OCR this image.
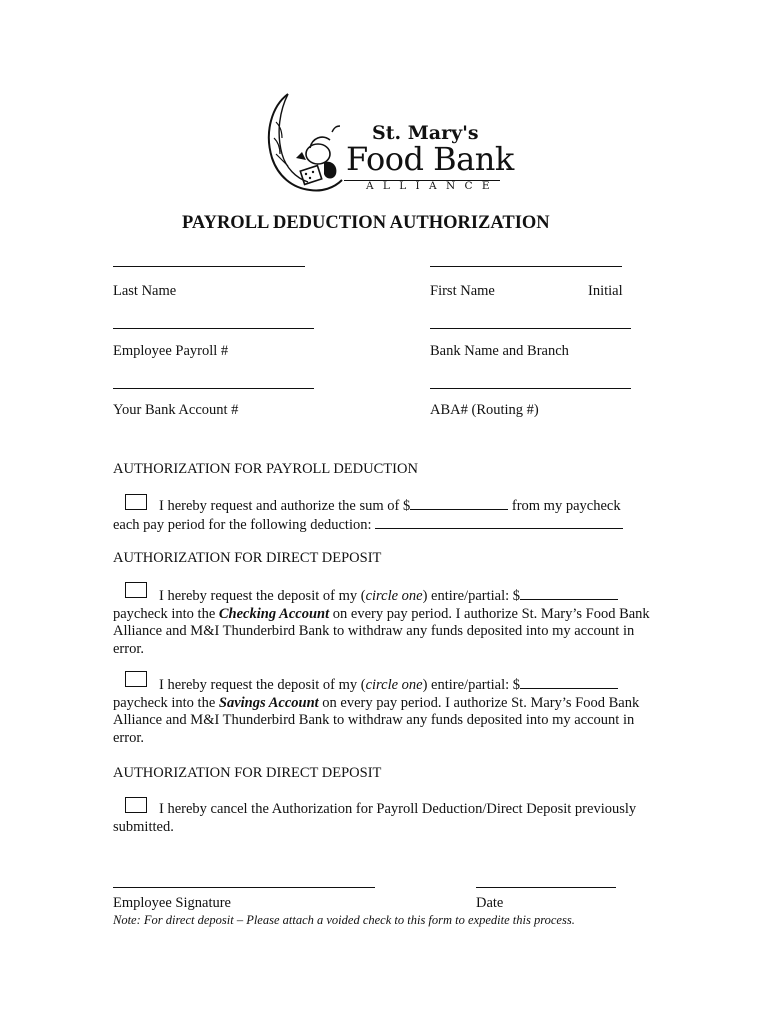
St. Mary's
Food Bank
A L L I A N C E
PAYROLL DEDUCTION AUTHORIZATION
Last Name	First Name	Initial
Employee Payroll #	Bank Name and Branch
Your Bank Account #	ABA# (Routing #)
AUTHORIZATION FOR PAYROLL DEDUCTION
I hereby request and authorize the sum of $	from my paycheck
each pay period for the following deduction:
AUTHORIZATION FOR DIRECT DEPOSIT
I hereby request the deposit of my (circle one) entire/partial: $
paycheck into the Checking Account on every pay period. I authorize St. Mary’s Food Bank Alliance and M&I Thunderbird Bank to withdraw any funds deposited into my account in error.
I hereby request the deposit of my (circle one) entire/partial: $
paycheck into the Savings Account on every pay period. I authorize St. Mary’s Food Bank Alliance and M&I Thunderbird Bank to withdraw any funds deposited into my account in error.
AUTHORIZATION FOR DIRECT DEPOSIT
I hereby cancel the Authorization for Payroll Deduction/Direct Deposit previously submitted.
Employee Signature	Date
Note: For direct deposit – Please attach a voided check to this form to expedite this process.
